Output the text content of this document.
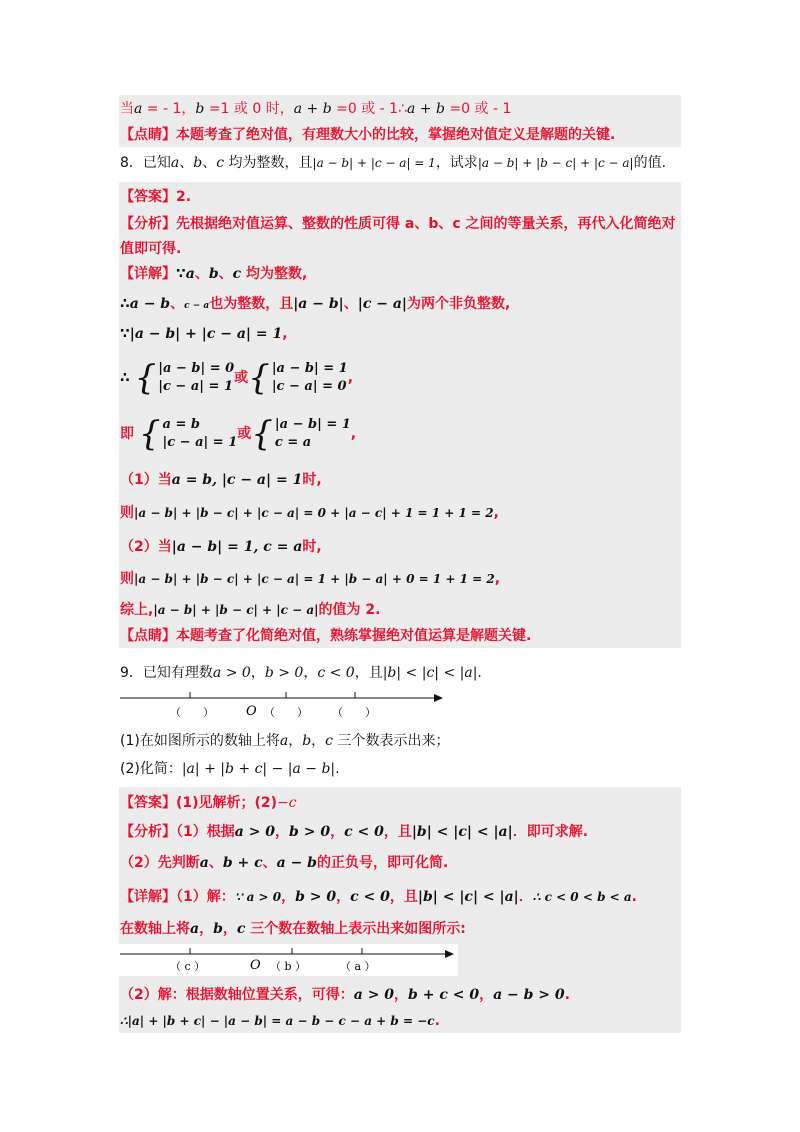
当a = - 1，b =1 或 0 时，a + b =0 或 - 1∴a + b =0 或 - 1
【点睛】本题考查了绝对值，有理数大小的比较，掌握绝对值定义是解题的关键.
8．已知a、b、c 均为整数，且|a − b| + |c − a| = 1，试求|a − b| + |b − c| + |c − a|的值.
【答案】2.
【分析】先根据绝对值运算、整数的性质可得 a、b、c 之间的等量关系，再代入化简绝对
值即可得.
【详解】∵a、b、c 均为整数,
∴a − b、c − a也为整数，且|a − b|、|c − a|为两个非负整数,
∵|a − b| + |c − a| = 1,
∴ { |a − b| = 0
|c − a| = 1
或 { |a − b| = 1
|c − a| = 0
,
即 { a = b
|c − a| = 1
或 { |a − b| = 1
c = a
,
（1）当a = b, |c − a| = 1时,
则|a − b| + |b − c| + |c − a| = 0 + |a − c| + 1 = 1 + 1 = 2,
（2）当|a − b| = 1, c = a时,
则|a − b| + |b − c| + |c − a| = 1 + |b − a| + 0 = 1 + 1 = 2,
综上,|a − b| + |b − c| + |c − a|的值为 2.
【点睛】本题考查了化简绝对值，熟练掌握绝对值运算是解题关键.
9．已知有理数a > 0，b > 0，c < 0，且|b| < |c| < |a|.
O
（　　）	（　　） （　　）
(1)在如图所示的数轴上将a，b，c 三个数表示出来；
(2)化简：|a| + |b + c| − |a − b|.
【答案】(1)见解析；(2)−c
【分析】（1）根据a > 0，b > 0，c < 0，且|b| < |c| < |a|．即可求解.
（2）先判断a、b + c、a − b的正负号，即可化简.
【详解】（1）解：∵ a > 0，b > 0，c < 0，且|b| < |c| < |a|．∴ c < 0 < b < a.
在数轴上将a，b，c 三个数在数轴上表示出来如图所示:
O
（ c ）	（ b ）	（ a ）
（2）解：根据数轴位置关系，可得：a > 0，b + c < 0，a − b > 0.
∴|a| + |b + c| − |a − b| = a − b − c − a + b = −c.
